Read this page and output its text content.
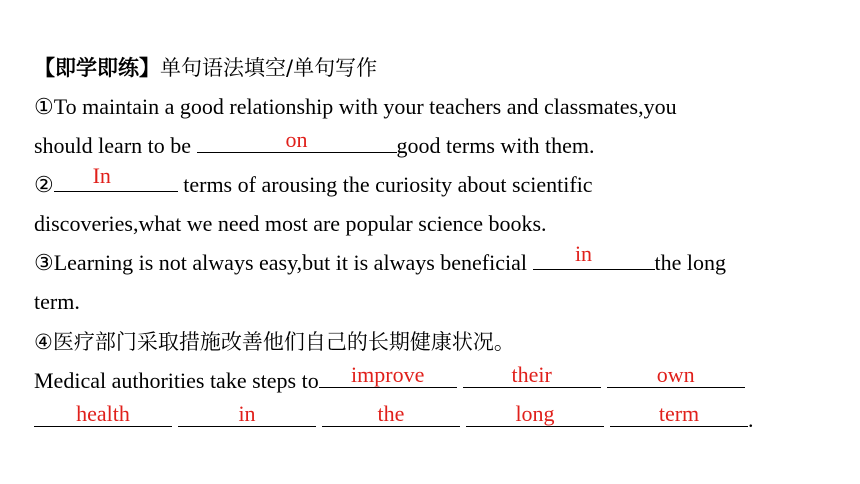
【即学即练】单句语法填空/单句写作
①To maintain a good relationship with your teachers and classmates,you
should learn to be	on	good terms with them.
②	In	terms of arousing the curiosity about scientific
discoveries,what we need most are popular science books.
③Learning is not always easy,but it is always beneficial	in	the long
term.
④医疗部门采取措施改善他们自己的长期健康状况。
Medical authorities take steps to	improve	their	own
health	in	the	long	term	.
